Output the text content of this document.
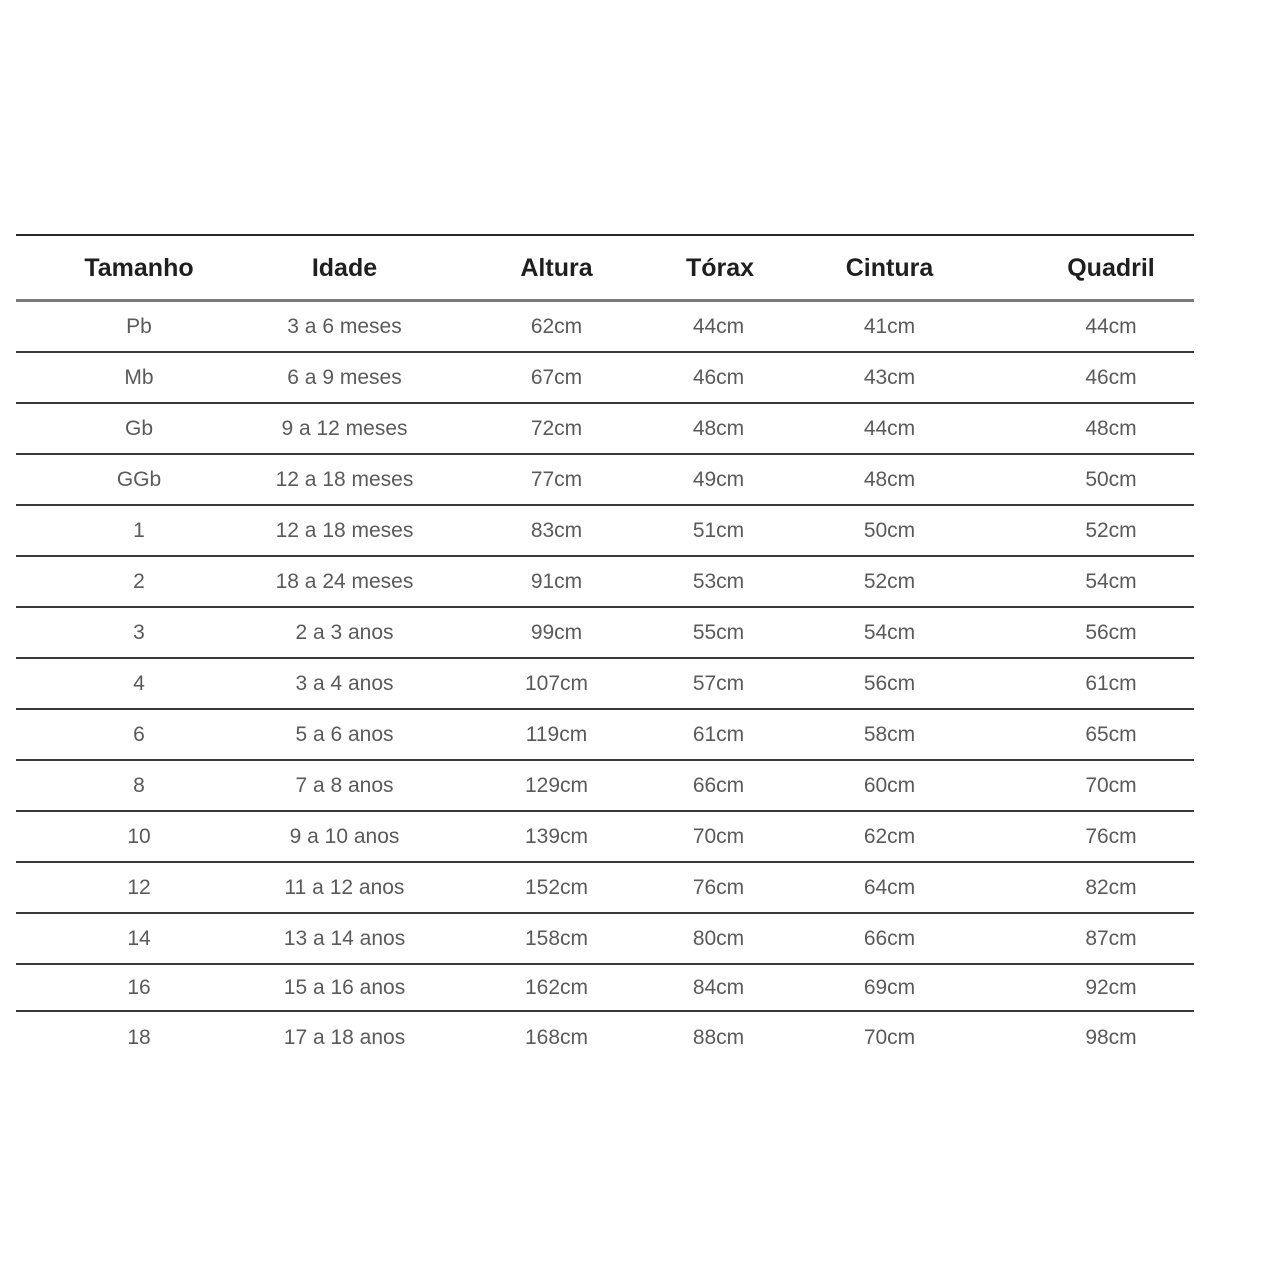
Tamanho	Idade	Altura	Tórax	Cintura	Quadril
Pb	3 a 6 meses	62cm	44cm	41cm	44cm
Mb	6 a 9 meses	67cm	46cm	43cm	46cm
Gb	9 a 12 meses	72cm	48cm	44cm	48cm
GGb	12 a 18 meses	77cm	49cm	48cm	50cm
1	12 a 18 meses	83cm	51cm	50cm	52cm
2	18 a 24 meses	91cm	53cm	52cm	54cm
3	2 a 3 anos	99cm	55cm	54cm	56cm
4	3 a 4 anos	107cm	57cm	56cm	61cm
6	5 a 6 anos	119cm	61cm	58cm	65cm
8	7 a 8 anos	129cm	66cm	60cm	70cm
10	9 a 10 anos	139cm	70cm	62cm	76cm
12	11 a 12 anos	152cm	76cm	64cm	82cm
14	13 a 14 anos	158cm	80cm	66cm	87cm
16	15 a 16 anos	162cm	84cm	69cm	92cm
18	17 a 18 anos	168cm	88cm	70cm	98cm
